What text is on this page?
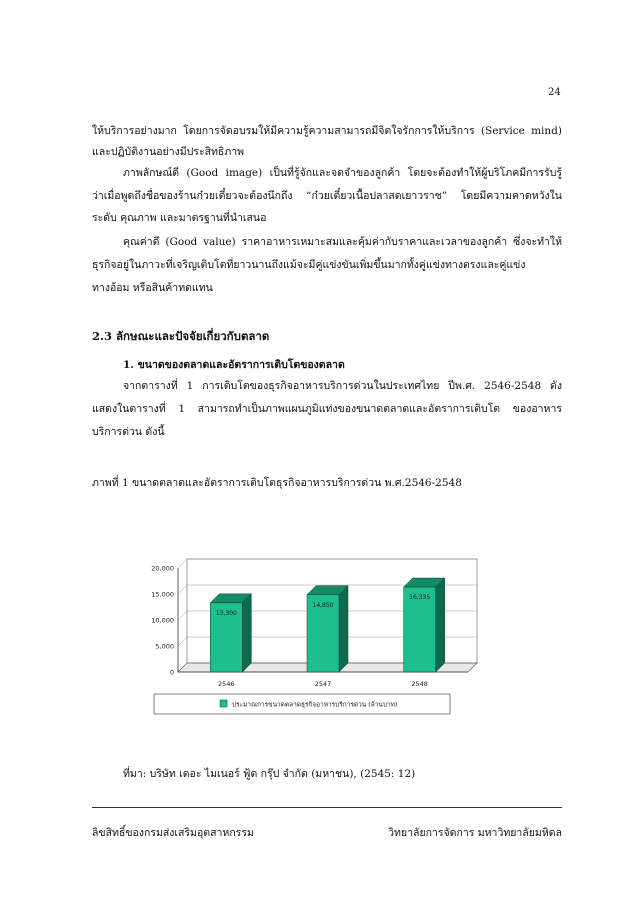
24
ให้บริการอย่างมาก โดยการจัดอบรมให้มีความรู้ความสามารถมีจิตใจรักการให้บริการ (Service mind)
และปฏิบัติงานอย่างมีประสิทธิภาพ
ภาพลักษณ์ดี (Good image) เป็นที่รู้จักและจดจำของลูกค้า โดยจะต้องทำให้ผู้บริโภคมีการรับรู้
ว่าเมื่อพูดถึงชื่อของร้านก๋วยเตี๋ยวจะต้องนึกถึง “ก๋วยเตี๋ยวเนื้อปลาสดเยาวราช” โดยมีความคาดหวังใน
ระดับ คุณภาพ และมาตรฐานที่นำเสนอ
คุณค่าดี (Good value) ราคาอาหารเหมาะสมและคุ้มค่ากับราคาและเวลาของลูกค้า ซึ่งจะทำให้
ธุรกิจอยู่ในภาวะที่เจริญเติบโตที่ยาวนานถึงแม้จะมีคู่แข่งขันเพิ่มขึ้นมากทั้งคู่แข่งทางตรงและคู่แข่ง
ทางอ้อม หรือสินค้าทดแทน
2.3 ลักษณะและปัจจัยเกี่ยวกับตลาด
1. ขนาดของตลาดและอัตราการเติบโตของตลาด
จากตารางที่ 1 การเติบโตของธุรกิจอาหารบริการด่วนในประเทศไทย ปีพ.ศ. 2546-2548 ดัง
แสดงในตารางที่ 1 สามารถทำเป็นภาพแผนภูมิแท่งของขนาดตลาดและอัตราการเติบโต ของอาหาร
บริการด่วน ดังนี้
ภาพที่ 1 ขนาดตลาดและอัตราการเติบโตธุรกิจอาหารบริการด่วน พ.ศ.2546-2548
0
5,000
10,000
15,000
20,000
13,300
2546
14,850
2547
16,335
2548
ประมาณการขนาดตลาดธุรกิจอาหารบริการด่วน (ล้านบาท)
ที่มา: บริษัท เดอะ ไมเนอร์ ฟู้ด กรุ๊ป จำกัด (มหาชน), (2545: 12)
ลิขสิทธิ์ของกรมส่งเสริมอุตสาหกรรม	วิทยาลัยการจัดการ มหาวิทยาลัยมหิดล
